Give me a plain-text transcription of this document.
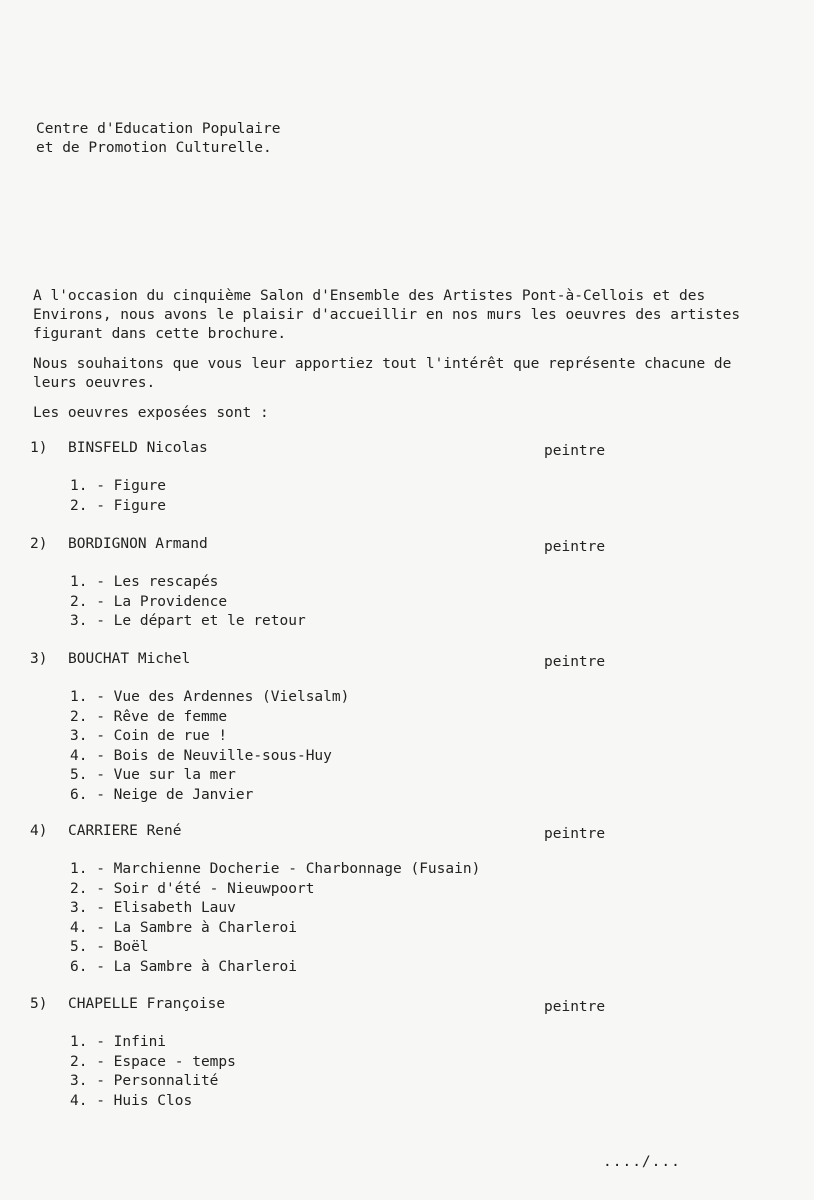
Centre d'Education Populaire
et de Promotion Culturelle.

A l'occasion du cinquième Salon d'Ensemble des Artistes Pont-à-Cellois et des Environs, nous avons le plaisir d'accueillir en nos murs les oeuvres des artistes figurant dans cette brochure.

Nous souhaitons que vous leur apportiez tout l'intérêt que représente chacune de leurs oeuvres.

Les oeuvres exposées sont :

1) BINSFELD Nicolas	peintre
1. - Figure
2. - Figure
2) BORDIGNON Armand	peintre
1. - Les rescapés
2. - La Providence
3. - Le départ et le retour
3) BOUCHAT Michel	peintre
1. - Vue des Ardennes (Vielsalm)
2. - Rêve de femme
3. - Coin de rue !
4. - Bois de Neuville-sous-Huy
5. - Vue sur la mer
6. - Neige de Janvier
4) CARRIERE René	peintre
1. - Marchienne Docherie - Charbonnage (Fusain)
2. - Soir d'été - Nieuwpoort
3. - Elisabeth Lauv
4. - La Sambre à Charleroi
5. - Boël
6. - La Sambre à Charleroi
5) CHAPELLE Françoise	peintre
1. - Infini
2. - Espace - temps
3. - Personnalité
4. - Huis Clos
..../...
